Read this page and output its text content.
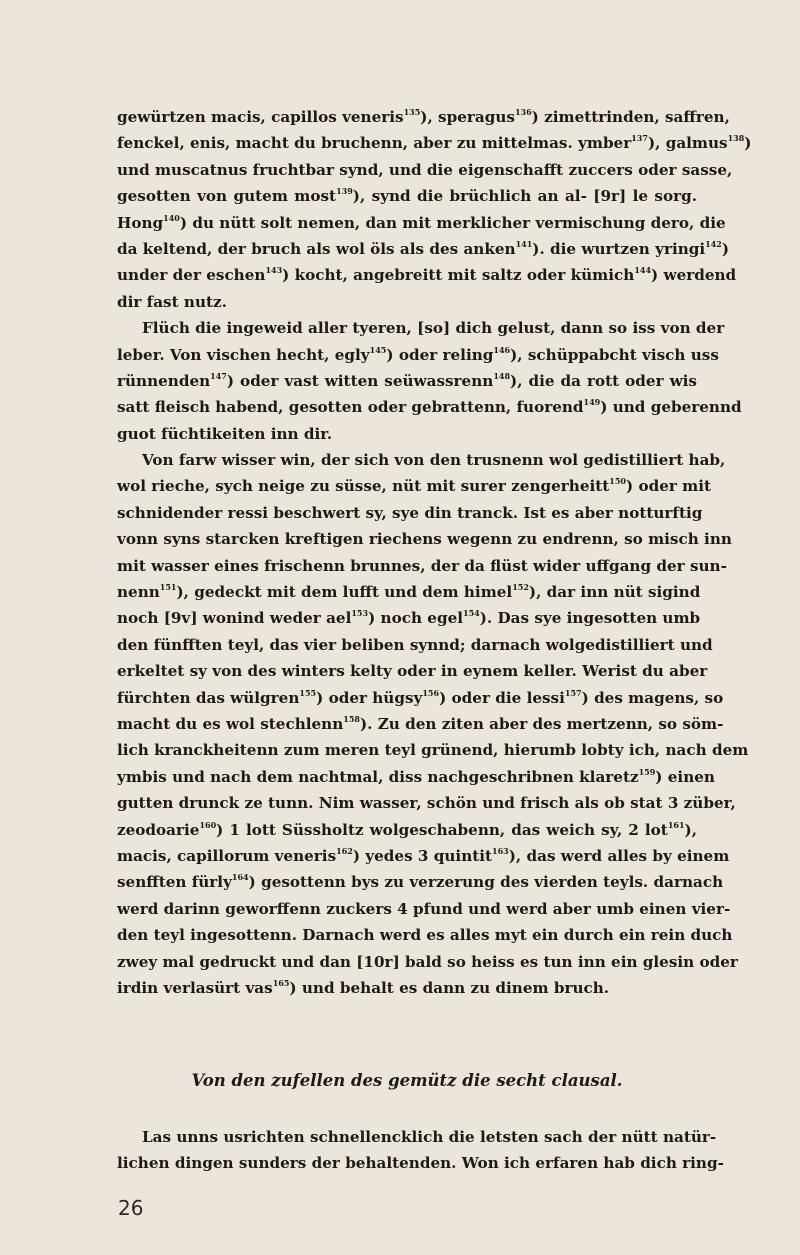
gewürtzen macis, capillos veneris$^{135}$), speragus$^{136}$) zimettrinden, saffren,
fenckel, enis, macht du bruchenn, aber zu mittelmas. ymber$^{137}$), galmus$^{138}$)
und muscatnus fruchtbar synd, und die eigenschafft zuccers oder sasse,
gesotten von gutem most$^{139}$), synd die brüchlich an al- [9r] le sorg.
Hong$^{140}$) du nütt solt nemen, dan mit merklicher vermischung dero, die
da keltend, der bruch als wol öls als des anken$^{141}$). die wurtzen yringi$^{142}$)
under der eschen$^{143}$) kocht, angebreitt mit saltz oder kümich$^{144}$) werdend
dir fast nutz.
Flüch die ingeweid aller tyeren, [so] dich gelust, dann so iss von der
leber. Von vischen hecht, egly$^{145}$) oder reling$^{146}$), schüppabcht visch uss
rünnenden$^{147}$) oder vast witten seüwassrenn$^{148}$), die da rott oder wis
satt fleisch habend, gesotten oder gebrattenn, fuorend$^{149}$) und geberennd
guot füchtikeiten inn dir.
Von farw wisser win, der sich von den trusnenn wol gedistilliert hab,
wol rieche, sych neige zu süsse, nüt mit surer zengerheitt$^{150}$) oder mit
schnidender ressi beschwert sy, sye din tranck. Ist es aber notturftig
vonn syns starcken kreftigen riechens wegenn zu endrenn, so misch inn
mit wasser eines frischenn brunnes, der da flüst wider uffgang der sun-
nenn$^{151}$), gedeckt mit dem lufft und dem himel$^{152}$), dar inn nüt sigind
noch [9v] wonind weder ael$^{153}$) noch egel$^{154}$). Das sye ingesotten umb
den fünfften teyl, das vier beliben synnd; darnach wolgedistilliert und
erkeltet sy von des winters kelty oder in eynem keller. Werist du aber
fürchten das wülgren$^{155}$) oder hügsy$^{156}$) oder die lessi$^{157}$) des magens, so
macht du es wol stechlenn$^{158}$). Zu den ziten aber des mertzenn, so söm-
lich kranckheitenn zum meren teyl grünend, hierumb lobty ich, nach dem
ymbis und nach dem nachtmal, diss nachgeschribnen klaretz$^{159}$) einen
gutten drunck ze tunn. Nim wasser, schön und frisch als ob stat 3 züber,
zeodoarie$^{160}$) 1 lott Süssholtz wolgeschabenn, das weich sy, 2 lot$^{161}$),
macis, capillorum veneris$^{162}$) yedes 3 quintit$^{163}$), das werd alles by einem
senfften fürly$^{164}$) gesottenn bys zu verzerung des vierden teyls. darnach
werd darinn geworffenn zuckers 4 pfund und werd aber umb einen vier-
den teyl ingesottenn. Darnach werd es alles myt ein durch ein rein duch
zwey mal gedruckt und dan [10r] bald so heiss es tun inn ein glesin oder
irdin verlasürt vas$^{165}$) und behalt es dann zu dinem bruch.
Von den zufellen des gemütz die secht clausal.
Las unns usrichten schnellencklich die letsten sach der nütt natür-
lichen dingen sunders der behaltenden. Won ich erfaren hab dich ring-
26
